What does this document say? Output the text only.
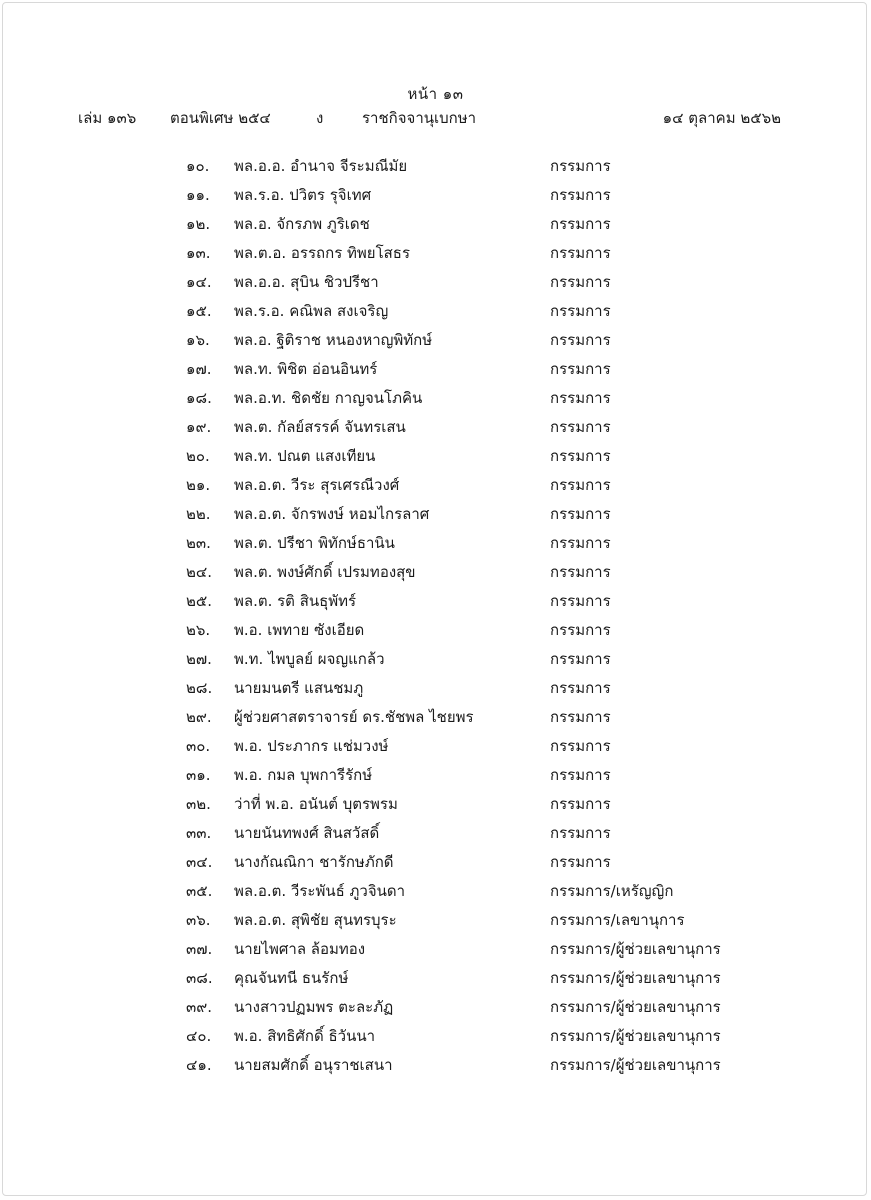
หน้า ๑๓
เล่ม ๑๓๖ ตอนพิเศษ ๒๕๔	ง	ราชกิจจานุเบกษา	๑๔ ตุลาคม ๒๕๖๒
๑๐. พล.อ.อ. อำนาจ จีระมณีมัย	กรรมการ
๑๑. พล.ร.อ. ปวิตร รุจิเทศ	กรรมการ
๑๒. พล.อ. จักรภพ ภูริเดช	กรรมการ
๑๓. พล.ต.อ. อรรถกร ทิพยโสธร	กรรมการ
๑๔. พล.อ.อ. สุบิน ชิวปรีชา	กรรมการ
๑๕. พล.ร.อ. คณิพล สงเจริญ	กรรมการ
๑๖. พล.อ. ฐิติราช หนองหาญพิทักษ์	กรรมการ
๑๗. พล.ท. พิชิต อ่อนอินทร์	กรรมการ
๑๘. พล.อ.ท. ชิดชัย กาญจนโภคิน	กรรมการ
๑๙. พล.ต. กัลย์สรรค์ จันทรเสน	กรรมการ
๒๐. พล.ท. ปณต แสงเทียน	กรรมการ
๒๑. พล.อ.ต. วีระ สุรเศรณีวงศ์	กรรมการ
๒๒. พล.อ.ต. จักรพงษ์ หอมไกรลาศ	กรรมการ
๒๓. พล.ต. ปรีชา พิทักษ์ธานิน	กรรมการ
๒๔. พล.ต. พงษ์ศักดิ์ เปรมทองสุข	กรรมการ
๒๕. พล.ต. รติ สินธุพัทร์	กรรมการ
๒๖. พ.อ. เพทาย ซังเอียด	กรรมการ
๒๗. พ.ท. ไพบูลย์ ผจญแกล้ว	กรรมการ
๒๘. นายมนตรี แสนชมภู	กรรมการ
๒๙. ผู้ช่วยศาสตราจารย์ ดร.ชัชพล ไชยพร	กรรมการ
๓๐. พ.อ. ประภากร แช่มวงษ์	กรรมการ
๓๑. พ.อ. กมล บุพการีรักษ์	กรรมการ
๓๒. ว่าที่ พ.อ. อนันต์ บุตรพรม	กรรมการ
๓๓. นายนันทพงศ์ สินสวัสดิ์	กรรมการ
๓๔. นางกัณณิกา ชารักษภักดี	กรรมการ
๓๕. พล.อ.ต. วีระพันธ์ ภูวจินดา	กรรมการ/เหรัญญิก
๓๖. พล.อ.ต. สุพิชัย สุนทรบุระ	กรรมการ/เลขานุการ
๓๗. นายไพศาล ล้อมทอง	กรรมการ/ผู้ช่วยเลขานุการ
๓๘. คุณจันทนี ธนรักษ์	กรรมการ/ผู้ช่วยเลขานุการ
๓๙. นางสาวปฏมพร ตะละภัฏ	กรรมการ/ผู้ช่วยเลขานุการ
๔๐. พ.อ. สิทธิศักดิ์ ธิวันนา	กรรมการ/ผู้ช่วยเลขานุการ
๔๑. นายสมศักดิ์ อนุราชเสนา	กรรมการ/ผู้ช่วยเลขานุการ
